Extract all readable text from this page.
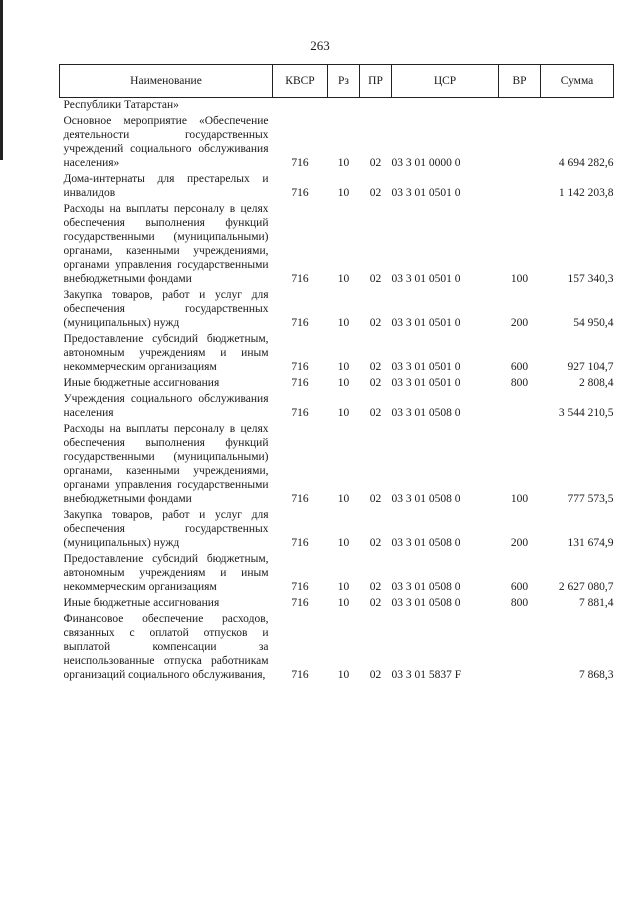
263
Наименование	КВСР	Рз	ПР	ЦСР	ВР	Сумма
Республики Татарстан»						
Основное мероприятие «Обеспечение деятельности государственных учреждений социального обслуживания населения»	716	10	02	03 3 01 0000 0		4 694 282,6
Дома-интернаты для престарелых и инвалидов	716	10	02	03 3 01 0501 0		1 142 203,8
Расходы на выплаты персоналу в целях обеспечения выполнения функций государственными (муниципальными) органами, казенными учреждениями, органами управления государственными внебюджетными фондами	716	10	02	03 3 01 0501 0	100	157 340,3
Закупка товаров, работ и услуг для обеспечения государственных (муниципальных) нужд	716	10	02	03 3 01 0501 0	200	54 950,4
Предоставление субсидий бюджетным, автономным учреждениям и иным некоммерческим организациям	716	10	02	03 3 01 0501 0	600	927 104,7
Иные бюджетные ассигнования	716	10	02	03 3 01 0501 0	800	2 808,4
Учреждения социального обслуживания населения	716	10	02	03 3 01 0508 0		3 544 210,5
Расходы на выплаты персоналу в целях обеспечения выполнения функций государственными (муниципальными) органами, казенными учреждениями, органами управления государственными внебюджетными фондами	716	10	02	03 3 01 0508 0	100	777 573,5
Закупка товаров, работ и услуг для обеспечения государственных (муниципальных) нужд	716	10	02	03 3 01 0508 0	200	131 674,9
Предоставление субсидий бюджетным, автономным учреждениям и иным некоммерческим организациям	716	10	02	03 3 01 0508 0	600	2 627 080,7
Иные бюджетные ассигнования	716	10	02	03 3 01 0508 0	800	7 881,4
Финансовое обеспечение расходов, связанных с оплатой отпусков и выплатой компенсации за неиспользованные отпуска работникам организаций социального обслуживания,	716	10	02	03 3 01 5837 F		7 868,3
